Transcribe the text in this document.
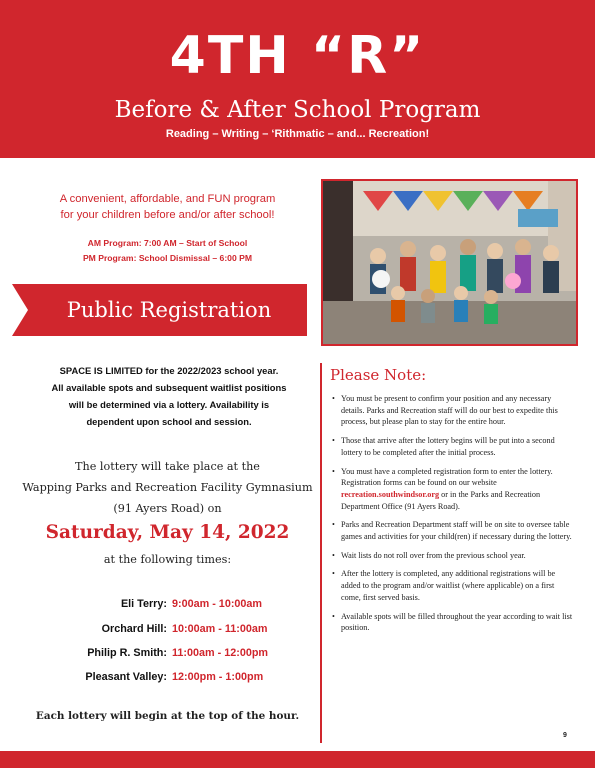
4TH “R”
Before & After School Program
Reading – Writing – ‘Rithmatic – and... Recreation!
A convenient, affordable, and FUN program
for your children before and/or after school!
AM Program: 7:00 AM – Start of School
PM Program: School Dismissal – 6:00 PM
Public Registration
SPACE IS LIMITED for the 2022/2023 school year.
All available spots and subsequent waitlist positions
will be determined via a lottery. Availability is
dependent upon school and session.
The lottery will take place at the
Wapping Parks and Recreation Facility Gymnasium
(91 Ayers Road) on
Saturday, May 14, 2022
at the following times:
Eli Terry: 9:00am - 10:00am
Orchard Hill: 10:00am - 11:00am
Philip R. Smith: 11:00am - 12:00pm
Pleasant Valley: 12:00pm - 1:00pm
Each lottery will begin at the top of the hour.
Please Note:
• You must be present to confirm your position and any necessary details. Parks and Recreation staff will do our best to expedite this process, but please plan to stay for the entire hour.
• Those that arrive after the lottery begins will be put into a second lottery to be completed after the initial process.
• You must have a completed registration form to enter the lottery. Registration forms can be found on our website recreation.southwindsor.org or in the Parks and Recreation Department Office (91 Ayers Road).
• Parks and Recreation Department staff will be on site to oversee table games and activities for your child(ren) if necessary during the lottery.
• Wait lists do not roll over from the previous school year.
• After the lottery is completed, any additional registrations will be added to the program and/or waitlist (where applicable) on a first come, first served basis.
• Available spots will be filled throughout the year according to wait list position.
9
